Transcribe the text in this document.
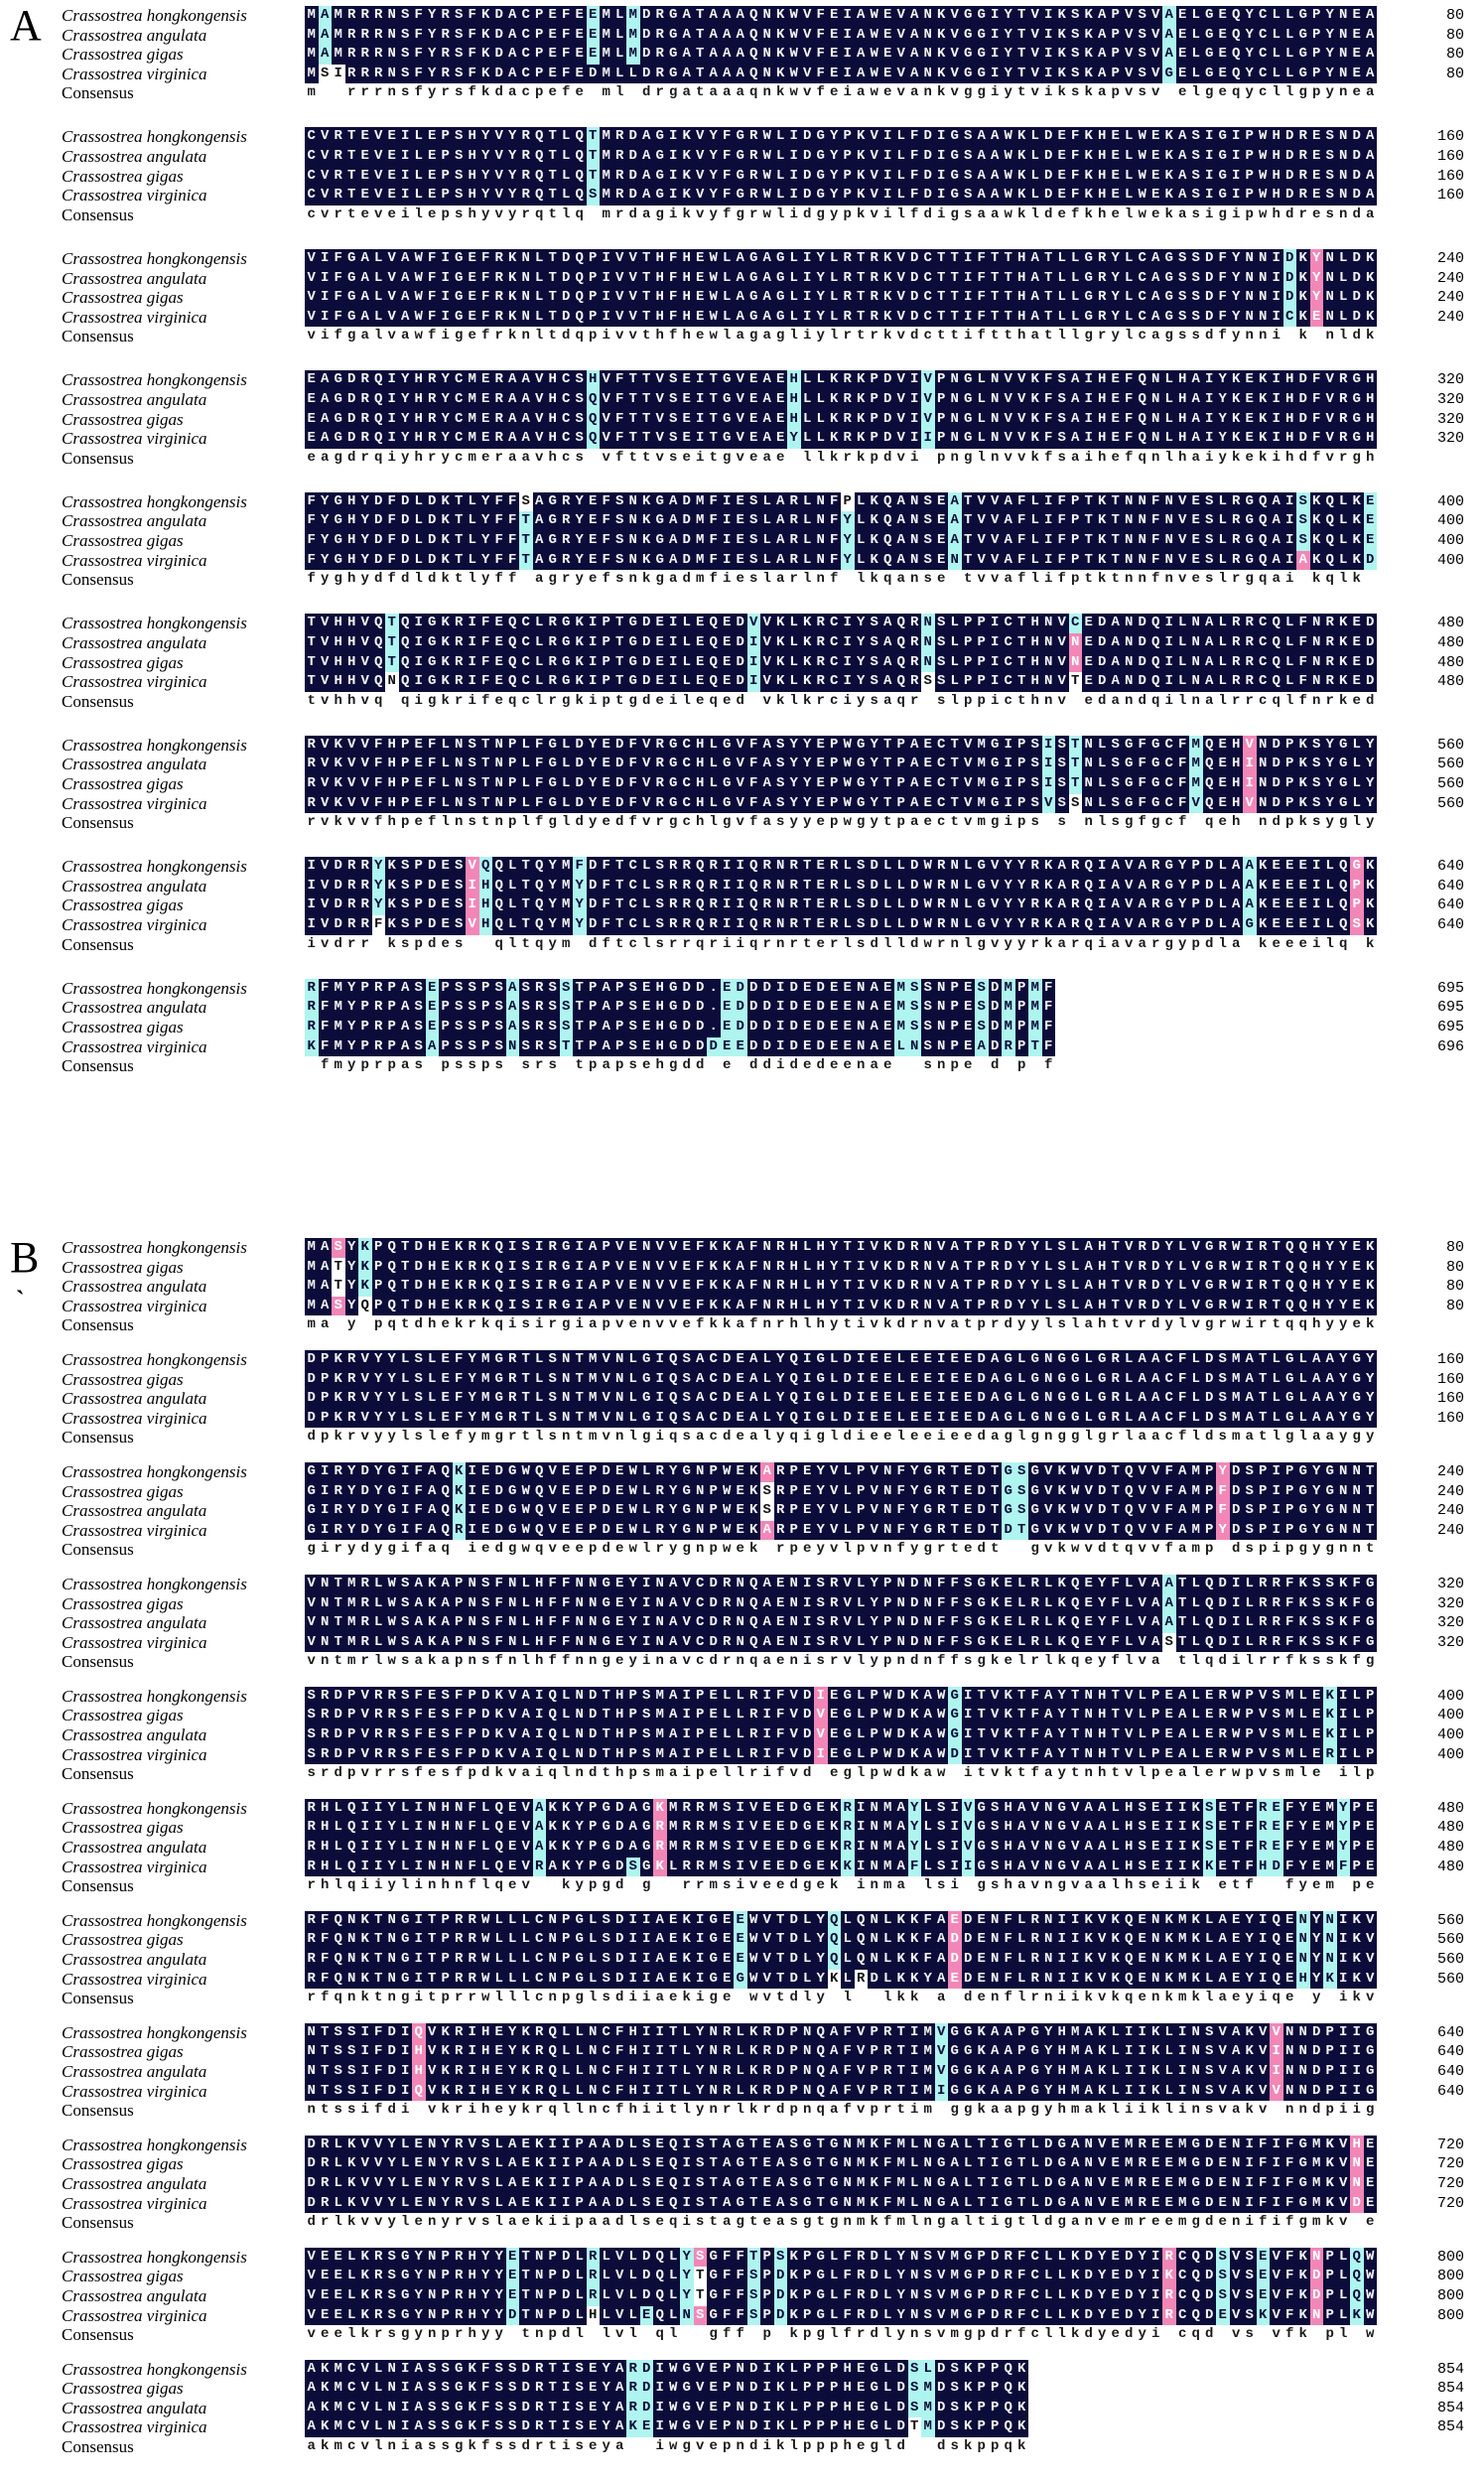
A	Crassostrea hongkongensis	M A M R R R N S F Y R S F K D A C P E F E E M L M D R G A T A A A Q N K W V F E I A W E V A N K V G G I Y T V I K S K A P V S V A E L G E Q Y C L L G P Y N E A	80
Crassostrea angulata	M A M R R R N S F Y R S F K D A C P E F E E M L M D R G A T A A A Q N K W V F E I A W E V A N K V G G I Y T V I K S K A P V S V A E L G E Q Y C L L G P Y N E A	80
Crassostrea gigas	M A M R R R N S F Y R S F K D A C P E F E E M L M D R G A T A A A Q N K W V F E I A W E V A N K V G G I Y T V I K S K A P V S V A E L G E Q Y C L L G P Y N E A	80
Crassostrea virginica	M S I R R R N S F Y R S F K D A C P E F E D M L L D R G A T A A A Q N K W V F E I A W E V A N K V G G I Y T V I K S K A P V S V G E L G E Q Y C L L G P Y N E A	80
Consensus	m r r r n s f y r s f k d a c p e f e m l d r g a t a a a q n k w v f e i a w e v a n k v g g i y t v i k s k a p v s v e l g e q y c l l g p y n e a
Crassostrea hongkongensis	C V R T E V E I L E P S H Y V Y R Q T L Q T M R D A G I K V Y F G R W L I D G Y P K V I L F D I G S A A W K L D E F K H E L W E K A S I G I P W H D R E S N D A	160
Crassostrea angulata	C V R T E V E I L E P S H Y V Y R Q T L Q T M R D A G I K V Y F G R W L I D G Y P K V I L F D I G S A A W K L D E F K H E L W E K A S I G I P W H D R E S N D A	160
Crassostrea gigas	C V R T E V E I L E P S H Y V Y R Q T L Q T M R D A G I K V Y F G R W L I D G Y P K V I L F D I G S A A W K L D E F K H E L W E K A S I G I P W H D R E S N D A	160
Crassostrea virginica	C V R T E V E I L E P S H Y V Y R Q T L Q S M R D A G I K V Y F G R W L I D G Y P K V I L F D I G S A A W K L D E F K H E L W E K A S I G I P W H D R E S N D A	160
Consensus	c v r t e v e i l e p s h y v y r q t l q m r d a g i k v y f g r w l i d g y p k v i l f d i g s a a w k l d e f k h e l w e k a s i g i p w h d r e s n d a
Crassostrea hongkongensis	V I F G A L V A W F I G E F R K N L T D Q P I V V T H F H E W L A G A G L I Y L R T R K V D C T T I F T T H A T L L G R Y L C A G S S D F Y N N I D K Y N L D K	240
Crassostrea angulata	V I F G A L V A W F I G E F R K N L T D Q P I V V T H F H E W L A G A G L I Y L R T R K V D C T T I F T T H A T L L G R Y L C A G S S D F Y N N I D K Y N L D K	240
Crassostrea gigas	V I F G A L V A W F I G E F R K N L T D Q P I V V T H F H E W L A G A G L I Y L R T R K V D C T T I F T T H A T L L G R Y L C A G S S D F Y N N I D K Y N L D K	240
Crassostrea virginica	V I F G A L V A W F I G E F R K N L T D Q P I V V T H F H E W L A G A G L I Y L R T R K V D C T T I F T T H A T L L G R Y L C A G S S D F Y N N I C K E N L D K	240
Consensus	v i f g a l v a w f i g e f r k n l t d q p i v v t h f h e w l a g a g l i y l r t r k v d c t t i f t t h a t l l g r y l c a g s s d f y n n i k n l d k
Crassostrea hongkongensis	E A G D R Q I Y H R Y C M E R A A V H C S H V F T T V S E I T G V E A E H L L K R K P D V I V P N G L N V V K F S A I H E F Q N L H A I Y K E K I H D F V R G H	320
Crassostrea angulata	E A G D R Q I Y H R Y C M E R A A V H C S Q V F T T V S E I T G V E A E H L L K R K P D V I V P N G L N V V K F S A I H E F Q N L H A I Y K E K I H D F V R G H	320
Crassostrea gigas	E A G D R Q I Y H R Y C M E R A A V H C S Q V F T T V S E I T G V E A E H L L K R K P D V I V P N G L N V V K F S A I H E F Q N L H A I Y K E K I H D F V R G H	320
Crassostrea virginica	E A G D R Q I Y H R Y C M E R A A V H C S Q V F T T V S E I T G V E A E Y L L K R K P D V I I P N G L N V V K F S A I H E F Q N L H A I Y K E K I H D F V R G H	320
Consensus	e a g d r q i y h r y c m e r a a v h c s v f t t v s e i t g v e a e l l k r k p d v i p n g l n v v k f s a i h e f q n l h a i y k e k i h d f v r g h
Crassostrea hongkongensis	F Y G H Y D F D L D K T L Y F F S A G R Y E F S N K G A D M F I E S L A R L N F P L K Q A N S E A T V V A F L I F P T K T N N F N V E S L R G Q A I S K Q L K E	400
Crassostrea angulata	F Y G H Y D F D L D K T L Y F F T A G R Y E F S N K G A D M F I E S L A R L N F Y L K Q A N S E A T V V A F L I F P T K T N N F N V E S L R G Q A I S K Q L K E	400
Crassostrea gigas	F Y G H Y D F D L D K T L Y F F T A G R Y E F S N K G A D M F I E S L A R L N F Y L K Q A N S E A T V V A F L I F P T K T N N F N V E S L R G Q A I S K Q L K E	400
Crassostrea virginica	F Y G H Y D F D L D K T L Y F F T A G R Y E F S N K G A D M F I E S L A R L N F Y L K Q A N S E N T V V A F L I F P T K T N N F N V E S L R G Q A I A K Q L K D	400
Consensus	f y g h y d f d l d k t l y f f a g r y e f s n k g a d m f i e s l a r l n f l k q a n s e t v v a f l i f p t k t n n f n v e s l r g q a i k q l k
Crassostrea hongkongensis	T V H H V Q T Q I G K R I F E Q C L R G K I P T G D E I L E Q E D V V K L K R C I Y S A Q R N S L P P I C T H N V C E D A N D Q I L N A L R R C Q L F N R K E D	480
Crassostrea angulata	T V H H V Q T Q I G K R I F E Q C L R G K I P T G D E I L E Q E D I V K L K R C I Y S A Q R N S L P P I C T H N V N E D A N D Q I L N A L R R C Q L F N R K E D	480
Crassostrea gigas	T V H H V Q T Q I G K R I F E Q C L R G K I P T G D E I L E Q E D I V K L K R C I Y S A Q R N S L P P I C T H N V N E D A N D Q I L N A L R R C Q L F N R K E D	480
Crassostrea virginica	T V H H V Q N Q I G K R I F E Q C L R G K I P T G D E I L E Q E D I V K L K R C I Y S A Q R S S L P P I C T H N V T E D A N D Q I L N A L R R C Q L F N R K E D	480
Consensus	t v h h v q q i g k r i f e q c l r g k i p t g d e i l e q e d v k l k r c i y s a q r s l p p i c t h n v e d a n d q i l n a l r r c q l f n r k e d
Crassostrea hongkongensis	R V K V V F H P E F L N S T N P L F G L D Y E D F V R G C H L G V F A S Y Y E P W G Y T P A E C T V M G I P S I S T N L S G F G C F M Q E H V N D P K S Y G L Y	560
Crassostrea angulata	R V K V V F H P E F L N S T N P L F G L D Y E D F V R G C H L G V F A S Y Y E P W G Y T P A E C T V M G I P S I S T N L S G F G C F M Q E H I N D P K S Y G L Y	560
Crassostrea gigas	R V K V V F H P E F L N S T N P L F G L D Y E D F V R G C H L G V F A S Y Y E P W G Y T P A E C T V M G I P S I S T N L S G F G C F M Q E H I N D P K S Y G L Y	560
Crassostrea virginica	R V K V V F H P E F L N S T N P L F G L D Y E D F V R G C H L G V F A S Y Y E P W G Y T P A E C T V M G I P S V S S N L S G F G C F V Q E H V N D P K S Y G L Y	560
Consensus	r v k v v f h p e f l n s t n p l f g l d y e d f v r g c h l g v f a s y y e p w g y t p a e c t v m g i p s s n l s g f g c f q e h n d p k s y g l y
Crassostrea hongkongensis	I V D R R Y K S P D E S V Q Q L T Q Y M F D F T C L S R R Q R I I Q R N R T E R L S D L L D W R N L G V Y Y R K A R Q I A V A R G Y P D L A A K E E E I L Q G K	640
Crassostrea angulata	I V D R R Y K S P D E S I H Q L T Q Y M Y D F T C L S R R Q R I I Q R N R T E R L S D L L D W R N L G V Y Y R K A R Q I A V A R G Y P D L A A K E E E I L Q P K	640
Crassostrea gigas	I V D R R Y K S P D E S I H Q L T Q Y M Y D F T C L S R R Q R I I Q R N R T E R L S D L L D W R N L G V Y Y R K A R Q I A V A R G Y P D L A A K E E E I L Q P K	640
Crassostrea virginica	I V D R R F K S P D E S V H Q L T Q Y M Y D F T C L S R R Q R I I Q R N R T E R L S D L L D W R N L G V Y Y R K A R Q I A V A R G Y P D L A G K E E E I L Q S K	640
Consensus	i v d r r k s p d e s q l t q y m d f t c l s r r q r i i q r n r t e r l s d l l d w r n l g v y y r k a r q i a v a r g y p d l a k e e e i l q k
Crassostrea hongkongensis	R F M Y P R P A S E P S S P S A S R S S T P A P S E H G D D . E D D D I D E D E E N A E M S S N P E S D M P M F	695
Crassostrea angulata	R F M Y P R P A S E P S S P S A S R S S T P A P S E H G D D . E D D D I D E D E E N A E M S S N P E S D M P M F	695
Crassostrea gigas	R F M Y P R P A S E P S S P S A S R S S T P A P S E H G D D . E D D D I D E D E E N A E M S S N P E S D M P M F	695
Crassostrea virginica	K F M Y P R P A S A P S S P S N S R S T T P A P S E H G D D D E E D D I D E D E E N A E L N S N P E A D R P T F	696
Consensus	f m y p r p a s p s s p s s r s t p a p s e h g d d e d d i d e d e e n a e s n p e d p f
B
`
Crassostrea hongkongensis	M A S Y K P Q T D H E K R K Q I S I R G I A P V E N V V E F K K A F N R H L H Y T I V K D R N V A T P R D Y Y L S L A H T V R D Y L V G R W I R T Q Q H Y Y E K	80
Crassostrea gigas	M A T Y K P Q T D H E K R K Q I S I R G I A P V E N V V E F K K A F N R H L H Y T I V K D R N V A T P R D Y Y L S L A H T V R D Y L V G R W I R T Q Q H Y Y E K	80
Crassostrea angulata	M A T Y K P Q T D H E K R K Q I S I R G I A P V E N V V E F K K A F N R H L H Y T I V K D R N V A T P R D Y Y L S L A H T V R D Y L V G R W I R T Q Q H Y Y E K	80
Crassostrea virginica	M A S Y Q P Q T D H E K R K Q I S I R G I A P V E N V V E F K K A F N R H L H Y T I V K D R N V A T P R D Y Y L S L A H T V R D Y L V G R W I R T Q Q H Y Y E K	80
Consensus	m a y p q t d h e k r k q i s i r g i a p v e n v v e f k k a f n r h l h y t i v k d r n v a t p r d y y l s l a h t v r d y l v g r w i r t q q h y y e k
Crassostrea hongkongensis	D P K R V Y Y L S L E F Y M G R T L S N T M V N L G I Q S A C D E A L Y Q I G L D I E E L E E I E E D A G L G N G G L G R L A A C F L D S M A T L G L A A Y G Y	160
Crassostrea gigas	D P K R V Y Y L S L E F Y M G R T L S N T M V N L G I Q S A C D E A L Y Q I G L D I E E L E E I E E D A G L G N G G L G R L A A C F L D S M A T L G L A A Y G Y	160
Crassostrea angulata	D P K R V Y Y L S L E F Y M G R T L S N T M V N L G I Q S A C D E A L Y Q I G L D I E E L E E I E E D A G L G N G G L G R L A A C F L D S M A T L G L A A Y G Y	160
Crassostrea virginica	D P K R V Y Y L S L E F Y M G R T L S N T M V N L G I Q S A C D E A L Y Q I G L D I E E L E E I E E D A G L G N G G L G R L A A C F L D S M A T L G L A A Y G Y	160
Consensus	d p k r v y y l s l e f y m g r t l s n t m v n l g i q s a c d e a l y q i g l d i e e l e e i e e d a g l g n g g l g r l a a c f l d s m a t l g l a a y g y
Crassostrea hongkongensis	G I R Y D Y G I F A Q K I E D G W Q V E E P D E W L R Y G N P W E K A R P E Y V L P V N F Y G R T E D T G S G V K W V D T Q V V F A M P Y D S P I P G Y G N N T	240
Crassostrea gigas	G I R Y D Y G I F A Q K I E D G W Q V E E P D E W L R Y G N P W E K S R P E Y V L P V N F Y G R T E D T G S G V K W V D T Q V V F A M P F D S P I P G Y G N N T	240
Crassostrea angulata	G I R Y D Y G I F A Q K I E D G W Q V E E P D E W L R Y G N P W E K S R P E Y V L P V N F Y G R T E D T G S G V K W V D T Q V V F A M P F D S P I P G Y G N N T	240
Crassostrea virginica	G I R Y D Y G I F A Q R I E D G W Q V E E P D E W L R Y G N P W E K A R P E Y V L P V N F Y G R T E D T D T G V K W V D T Q V V F A M P Y D S P I P G Y G N N T	240
Consensus	g i r y d y g i f a q i e d g w q v e e p d e w l r y g n p w e k r p e y v l p v n f y g r t e d t g v k w v d t q v v f a m p d s p i p g y g n n t
Crassostrea hongkongensis	V N T M R L W S A K A P N S F N L H F F N N G E Y I N A V C D R N Q A E N I S R V L Y P N D N F F S G K E L R L K Q E Y F L V A A T L Q D I L R R F K S S K F G	320
Crassostrea gigas	V N T M R L W S A K A P N S F N L H F F N N G E Y I N A V C D R N Q A E N I S R V L Y P N D N F F S G K E L R L K Q E Y F L V A A T L Q D I L R R F K S S K F G	320
Crassostrea angulata	V N T M R L W S A K A P N S F N L H F F N N G E Y I N A V C D R N Q A E N I S R V L Y P N D N F F S G K E L R L K Q E Y F L V A A T L Q D I L R R F K S S K F G	320
Crassostrea virginica	V N T M R L W S A K A P N S F N L H F F N N G E Y I N A V C D R N Q A E N I S R V L Y P N D N F F S G K E L R L K Q E Y F L V A S T L Q D I L R R F K S S K F G	320
Consensus	v n t m r l w s a k a p n s f n l h f f n n g e y i n a v c d r n q a e n i s r v l y p n d n f f s g k e l r l k q e y f l v a t l q d i l r r f k s s k f g
Crassostrea hongkongensis	S R D P V R R S F E S F P D K V A I Q L N D T H P S M A I P E L L R I F V D I E G L P W D K A W G I T V K T F A Y T N H T V L P E A L E R W P V S M L E K I L P	400
Crassostrea gigas	S R D P V R R S F E S F P D K V A I Q L N D T H P S M A I P E L L R I F V D V E G L P W D K A W G I T V K T F A Y T N H T V L P E A L E R W P V S M L E K I L P	400
Crassostrea angulata	S R D P V R R S F E S F P D K V A I Q L N D T H P S M A I P E L L R I F V D V E G L P W D K A W G I T V K T F A Y T N H T V L P E A L E R W P V S M L E K I L P	400
Crassostrea virginica	S R D P V R R S F E S F P D K V A I Q L N D T H P S M A I P E L L R I F V D I E G L P W D K A W D I T V K T F A Y T N H T V L P E A L E R W P V S M L E R I L P	400
Consensus	s r d p v r r s f e s f p d k v a i q l n d t h p s m a i p e l l r i f v d e g l p w d k a w i t v k t f a y t n h t v l p e a l e r w p v s m l e i l p
Crassostrea hongkongensis	R H L Q I I Y L I N H N F L Q E V A K K Y P G D A G K M R R M S I V E E D G E K R I N M A Y L S I V G S H A V N G V A A L H S E I I K S E T F R E F Y E M Y P E	480
Crassostrea gigas	R H L Q I I Y L I N H N F L Q E V A K K Y P G D A G R M R R M S I V E E D G E K R I N M A Y L S I V G S H A V N G V A A L H S E I I K S E T F R E F Y E M Y P E	480
Crassostrea angulata	R H L Q I I Y L I N H N F L Q E V A K K Y P G D A G R M R R M S I V E E D G E K R I N M A Y L S I V G S H A V N G V A A L H S E I I K S E T F R E F Y E M Y P E	480
Crassostrea virginica	R H L Q I I Y L I N H N F L Q E V R A K Y P G D S G K L R R M S I V E E D G E K K I N M A F L S I I G S H A V N G V A A L H S E I I K K E T F H D F Y E M F P E	480
Consensus	r h l q i i y l i n h n f l q e v k y p g d g r r m s i v e e d g e k i n m a l s i g s h a v n g v a a l h s e i i k e t f f y e m p e
Crassostrea hongkongensis	R F Q N K T N G I T P R R W L L L C N P G L S D I I A E K I G E E W V T D L Y Q L Q N L K K F A E D E N F L R N I I K V K Q E N K M K L A E Y I Q E N Y N I K V	560
Crassostrea gigas	R F Q N K T N G I T P R R W L L L C N P G L S D I I A E K I G E E W V T D L Y Q L Q N L K K F A D D E N F L R N I I K V K Q E N K M K L A E Y I Q E N Y N I K V	560
Crassostrea angulata	R F Q N K T N G I T P R R W L L L C N P G L S D I I A E K I G E E W V T D L Y Q L Q N L K K F A D D E N F L R N I I K V K Q E N K M K L A E Y I Q E N Y N I K V	560
Crassostrea virginica	R F Q N K T N G I T P R R W L L L C N P G L S D I I A E K I G E G W V T D L Y K L R D L K K Y A E D E N F L R N I I K V K Q E N K M K L A E Y I Q E H Y K I K V	560
Consensus	r f q n k t n g i t p r r w l l l c n p g l s d i i a e k i g e w v t d l y l l k k a d e n f l r n i i k v k q e n k m k l a e y i q e y i k v
Crassostrea hongkongensis	N T S S I F D I Q V K R I H E Y K R Q L L N C F H I I T L Y N R L K R D P N Q A F V P R T I M V G G K A A P G Y H M A K L I I K L I N S V A K V V N N D P I I G	640
Crassostrea gigas	N T S S I F D I H V K R I H E Y K R Q L L N C F H I I T L Y N R L K R D P N Q A F V P R T I M V G G K A A P G Y H M A K L I I K L I N S V A K V I N N D P I I G	640
Crassostrea angulata	N T S S I F D I H V K R I H E Y K R Q L L N C F H I I T L Y N R L K R D P N Q A F V P R T I M V G G K A A P G Y H M A K L I I K L I N S V A K V I N N D P I I G	640
Crassostrea virginica	N T S S I F D I Q V K R I H E Y K R Q L L N C F H I I T L Y N R L K R D P N Q A F V P R T I M I G G K A A P G Y H M A K L I I K L I N S V A K V V N N D P I I G	640
Consensus	n t s s i f d i v k r i h e y k r q l l n c f h i i t l y n r l k r d p n q a f v p r t i m g g k a a p g y h m a k l i i k l i n s v a k v n n d p i i g
Crassostrea hongkongensis	D R L K V V Y L E N Y R V S L A E K I I P A A D L S E Q I S T A G T E A S G T G N M K F M L N G A L T I G T L D G A N V E M R E E M G D E N I F I F G M K V H E	720
Crassostrea gigas	D R L K V V Y L E N Y R V S L A E K I I P A A D L S E Q I S T A G T E A S G T G N M K F M L N G A L T I G T L D G A N V E M R E E M G D E N I F I F G M K V N E	720
Crassostrea angulata	D R L K V V Y L E N Y R V S L A E K I I P A A D L S E Q I S T A G T E A S G T G N M K F M L N G A L T I G T L D G A N V E M R E E M G D E N I F I F G M K V N E	720
Crassostrea virginica	D R L K V V Y L E N Y R V S L A E K I I P A A D L S E Q I S T A G T E A S G T G N M K F M L N G A L T I G T L D G A N V E M R E E M G D E N I F I F G M K V D E	720
Consensus	d r l k v v y l e n y r v s l a e k i i p a a d l s e q i s t a g t e a s g t g n m k f m l n g a l t i g t l d g a n v e m r e e m g d e n i f i f g m k v e
Crassostrea hongkongensis	V E E L K R S G Y N P R H Y Y E T N P D L R L V L D Q L Y S G F F T P S K P G L F R D L Y N S V M G P D R F C L L K D Y E D Y I R C Q D S V S E V F K N P L Q W	800
Crassostrea gigas	V E E L K R S G Y N P R H Y Y E T N P D L R L V L D Q L Y T G F F S P D K P G L F R D L Y N S V M G P D R F C L L K D Y E D Y I K C Q D S V S E V F K D P L Q W	800
Crassostrea angulata	V E E L K R S G Y N P R H Y Y E T N P D L R L V L D Q L Y T G F F S P D K P G L F R D L Y N S V M G P D R F C L L K D Y E D Y I R C Q D S V S E V F K D P L Q W	800
Crassostrea virginica	V E E L K R S G Y N P R H Y Y D T N P D L H L V L E Q L N S G F F S P D K P G L F R D L Y N S V M G P D R F C L L K D Y E D Y I R C Q D E V S K V F K N P L K W	800
Consensus	v e e l k r s g y n p r h y y t n p d l l v l q l g f f p k p g l f r d l y n s v m g p d r f c l l k d y e d y i c q d v s v f k p l w
Crassostrea hongkongensis	A K M C V L N I A S S G K F S S D R T I S E Y A R D I W G V E P N D I K L P P P H E G L D S L D S K P P Q K	854
Crassostrea gigas	A K M C V L N I A S S G K F S S D R T I S E Y A R D I W G V E P N D I K L P P P H E G L D S M D S K P P Q K	854
Crassostrea angulata	A K M C V L N I A S S G K F S S D R T I S E Y A R D I W G V E P N D I K L P P P H E G L D S M D S K P P Q K	854
Crassostrea virginica	A K M C V L N I A S S G K F S S D R T I S E Y A K E I W G V E P N D I K L P P P H E G L D T M D S K P P Q K	854
Consensus	a k m c v l n i a s s g k f s s d r t i s e y a i w g v e p n d i k l p p p h e g l d d s k p p q k
